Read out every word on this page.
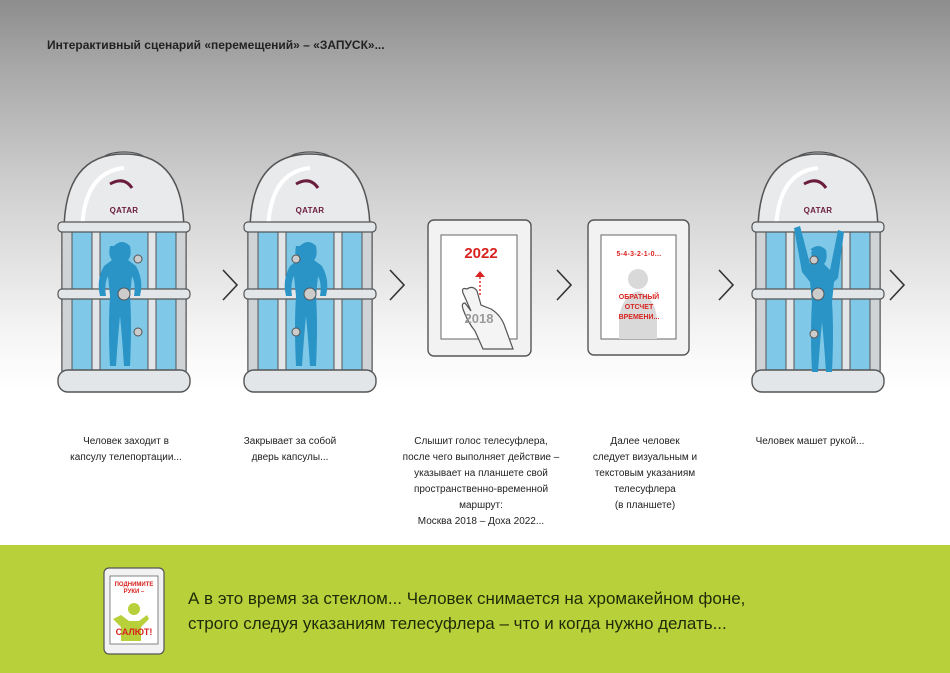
Интерактивный сценарий «перемещений» – «ЗАПУСК»...
QATAR	QATAR
2022
2018
5-4-3-2-1-0...
ОБРАТНЫЙ
ОТСЧЕТ
ВРЕМЕНИ...
QATAR
Человек заходит в
капсулу телепортации...
Закрывает за собой
дверь капсулы...
Слышит голос телесуфлера,
после чего выполняет действие –
указывает на планшете свой
пространственно-временной
маршрут:
Москва 2018 – Доха 2022...
Далее человек
следует визуальным и
текстовым указаниям
телесуфлера
(в планшете)
Человек машет рукой...
ПОДНИМИТЕ РУКИ –
САЛЮТ!
А в это время за стеклом... Человек снимается на хромакейном фоне,
строго следуя указаниям телесуфлера – что и когда нужно делать...
